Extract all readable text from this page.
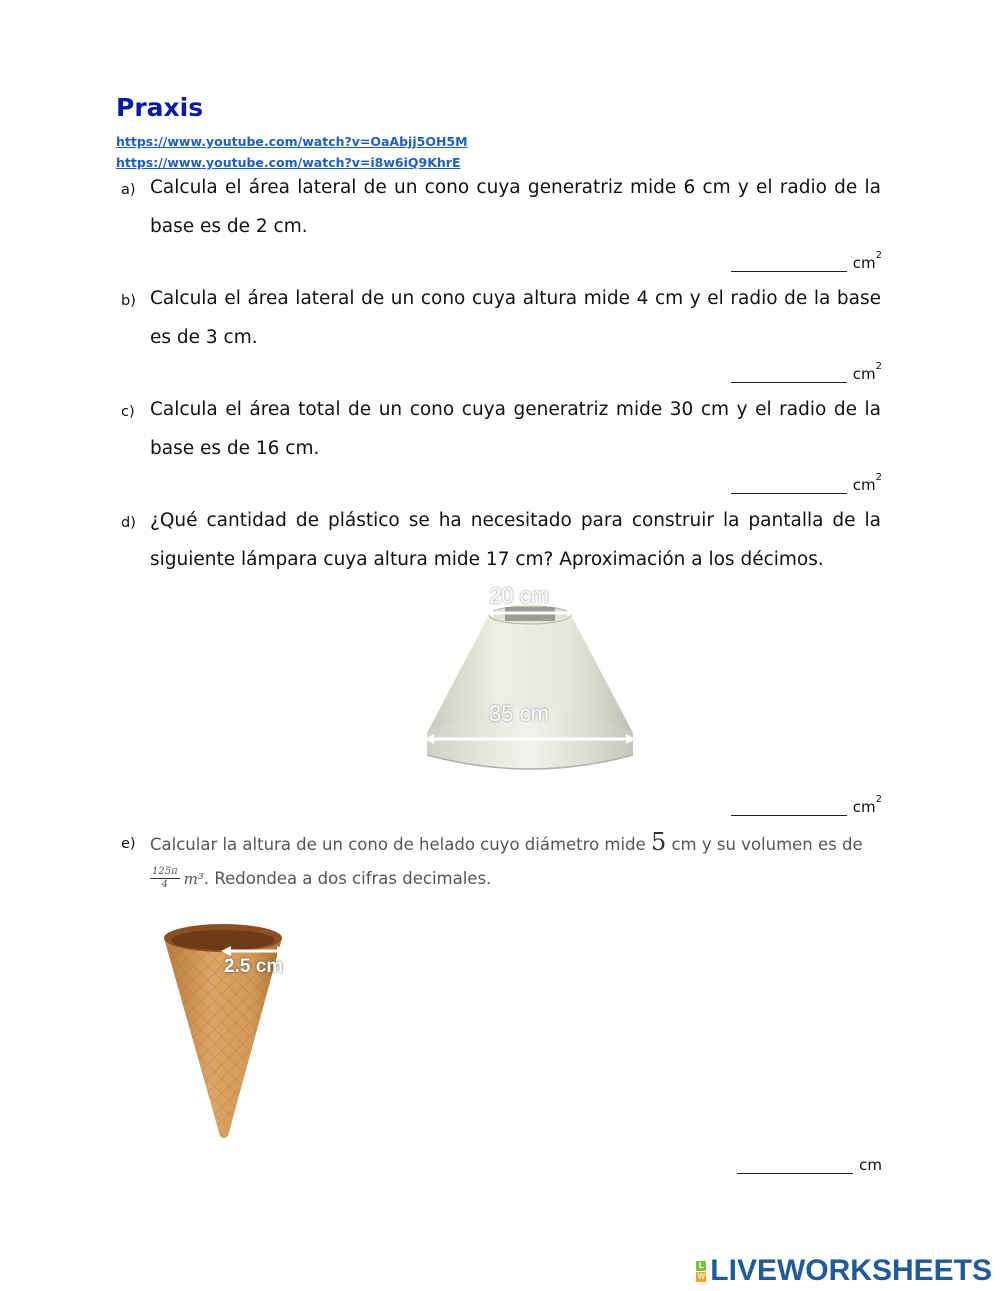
Praxis
https://www.youtube.com/watch?v=OaAbjj5OH5M
https://www.youtube.com/watch?v=i8w6iQ9KhrE
a) Calcula el área lateral de un cono cuya generatriz mide 6 cm y el radio de la base es de 2 cm.
$cm^2$
b) Calcula el área lateral de un cono cuya altura mide 4 cm y el radio de la base es de 3 cm.
$cm^2$
c) Calcula el área total de un cono cuya generatriz mide 30 cm y el radio de la base es de 16 cm.
$cm^2$
d) ¿Qué cantidad de plástico se ha necesitado para construir la pantalla de la siguiente lámpara cuya altura mide 17 cm? Aproximación a los décimos.
20 cm
35 cm
$cm^2$
e) Calcular la altura de un cono de helado cuyo diámetro mide 5 cm y su volumen es de
$\frac{125\pi}{4} m^3$ . Redondea a dos cifras decimales.
2.5 cm
cm
L
W LIVEWORKSHEETS
